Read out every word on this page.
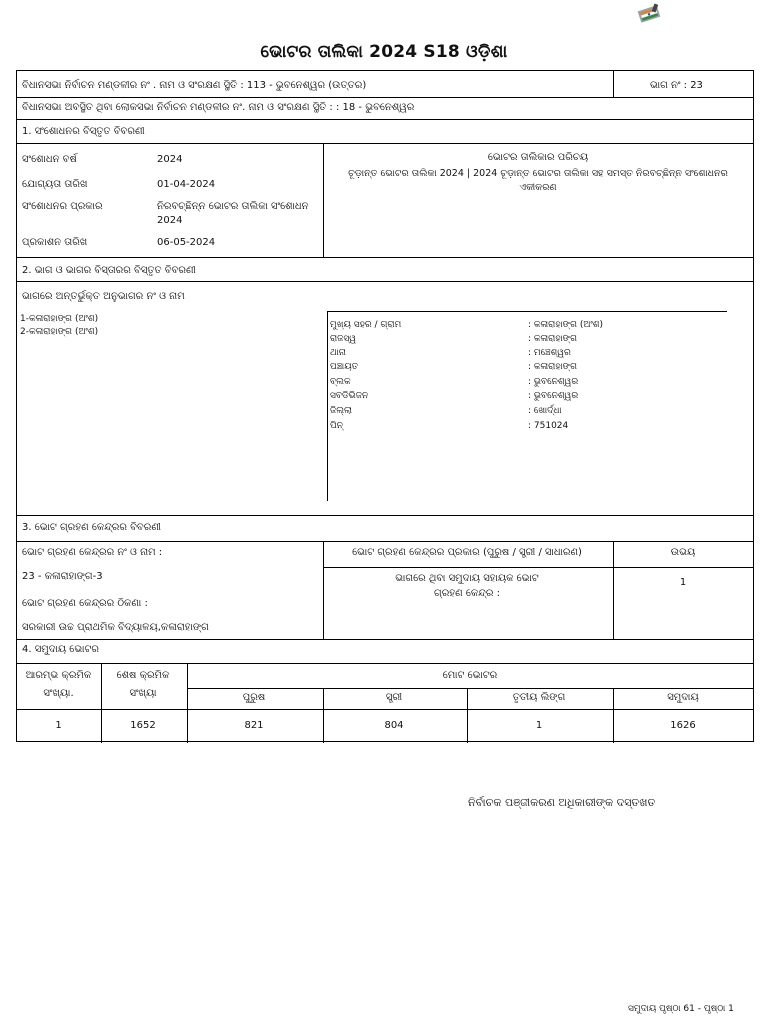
ଭୋଟର ତାଲିକା 2024 S18 ଓଡ଼ିଶା
ବିଧାନସଭା ନିର୍ବାଚନ ମଣ୍ଡଳୀର ନଂ . ନାମ ଓ ସଂରକ୍ଷଣ ସ୍ଥିତି : 113 - ଭୁବନେଶ୍ୱର (ଉତ୍ତର)	ଭାଗ ନଂ : 23
ବିଧାନସଭା ଅବସ୍ଥିତ ଥିବା ଲୋକସଭା ନିର୍ବାଚନ ମଣ୍ଡଳୀର ନଂ. ନାମ ଓ ସଂରକ୍ଷଣ ସ୍ଥିତି : : 18 - ଭୁବନେଶ୍ୱର
1. ସଂଶୋଧନର ବିସ୍ତୃତ ବିବରଣୀ
ସଂଶୋଧନ ବର୍ଷ	2024
ଯୋଗ୍ୟତା ତାରିଖ	01-04-2024
ସଂଶୋଧନର ପ୍ରକାର	ନିରବଚ୍ଛିନ୍ନ ଭୋଟର ତାଲିକା ସଂଶୋଧନ
2024
ପ୍ରକାଶନ ତାରିଖ	06-05-2024
ଭୋଟର ତାଲିକାର ପରିଚୟ
ଚୂଡ଼ାନ୍ତ ଭୋଟର ତାଲିକା 2024 | 2024 ଚୂଡ଼ାନ୍ତ ଭୋଟର ତାଲିକା ସହ ସମସ୍ତ ନିରବଚ୍ଛିନ୍ନ ସଂଶୋଧନର
ଏକୀକରଣ
2. ଭାଗ ଓ ଭାଗର ବିସ୍ତାରର ବିସ୍ତୃତ ବିବରଣୀ
ଭାଗରେ ଅନ୍ତର୍ଭୁକ୍ତ ଅନୁଭାଗର ନଂ ଓ ନାମ
1-କଳାରାହାଙ୍ଗ (ଅଂଶ)
2-କଳାରାହାଙ୍ଗ (ଅଂଶ)
ମୁଖ୍ୟ ସହର / ଗ୍ରାମ	: କଳାରାହାଙ୍ଗ (ଅଂଶ)
ରାଜସ୍ୱ	: କଳାରାହାଙ୍ଗ
ଥାନା	: ମଞ୍ଚେଶ୍ୱର
ପଞ୍ଚାୟତ	: କଳାରାହାଙ୍ଗ
ବ୍ଲକ	: ଭୁବନେଶ୍ୱର
ସବଡିଭିଜନ	: ଭୁବନେଶ୍ୱର
ଜିଲ୍ଲା	: ଖୋର୍ଦ୍ଧା
ପିନ୍	: 751024
3. ଭୋଟ ଗ୍ରହଣ କେନ୍ଦ୍ରର ବିବରଣୀ
ଭୋଟ ଗ୍ରହଣ କେନ୍ଦ୍ରର ନଂ ଓ ନାମ :
23 - କଳାରାହାଙ୍ଗ-3
ଭୋଟ ଗ୍ରହଣ କେନ୍ଦ୍ରର ଠିକଣା :
ସରକାରୀ ଉଚ୍ଚ ପ୍ରାଥମିକ ବିଦ୍ୟାଳୟ,କଳାରାହାଙ୍ଗ
ଭୋଟ ଗ୍ରହଣ କେନ୍ଦ୍ରର ପ୍ରକାର (ପୁରୁଷ / ସ୍ତ୍ରୀ / ସାଧାରଣ)	ଉଭୟ
ଭାଗରେ ଥିବା ସମୁଦାୟ ସହାୟକ ଭୋଟ
ଗ୍ରହଣ କେନ୍ଦ୍ର :
1
4. ସମୁଦାୟ ଭୋଟର
ଆରମ୍ଭ କ୍ରମିକ
ସଂଖ୍ୟା.
ଶେଷ କ୍ରମିକ
ସଂଖ୍ୟା
ମୋଟ ଭୋଟର
ପୁରୁଷ	ସ୍ତ୍ରୀ	ତୃତୀୟ ଲିଙ୍ଗ	ସମୁଦାୟ
1	1652	821	804	1	1626
ନିର୍ବାଚକ ପଞ୍ଜୀକରଣ ଅଧିକାରୀଙ୍କ ଦସ୍ତଖତ
ସମୁଦାୟ ପୃଷ୍ଠା 61 - ପୃଷ୍ଠା 1
